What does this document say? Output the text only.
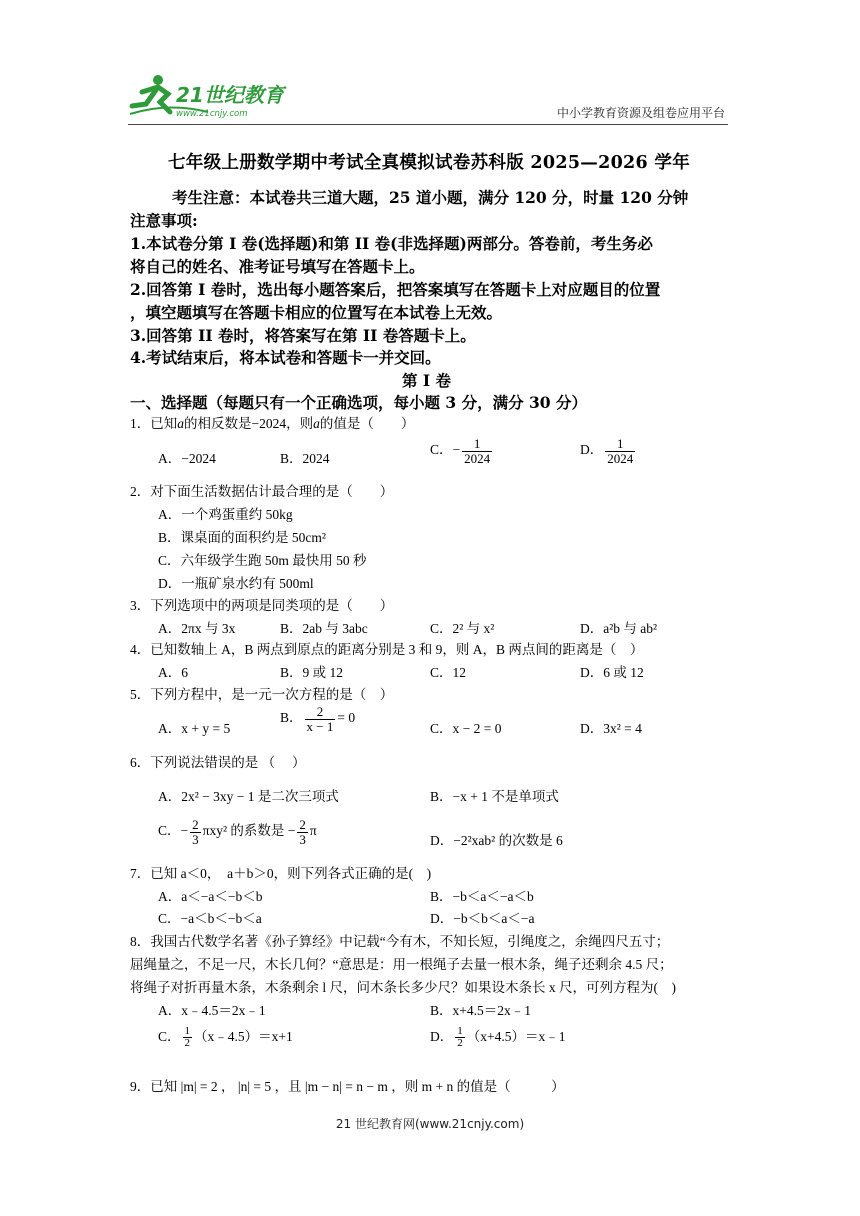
21世纪教育
www.21cnjy.com	中小学教育资源及组卷应用平台
七年级上册数学期中考试全真模拟试卷苏科版 2025—2026 学年
考生注意：本试卷共三道大题，25 道小题，满分 120 分，时量 120 分钟
注意事项:
1.本试卷分第 I 卷(选择题)和第 II 卷(非选择题)两部分。答卷前，考生务必
将自己的姓名、准考证号填写在答题卡上。
2.回答第 I 卷时，选出每小题答案后，把答案填写在答题卡上对应题目的位置
，填空题填写在答题卡相应的位置写在本试卷上无效。
3.回答第 II 卷时，将答案写在第 II 卷答题卡上。
4.考试结束后，将本试卷和答题卡一并交回。
第 I 卷
一、选择题（每题只有一个正确选项，每小题 3 分，满分 30 分）
1．已知a的相反数是−2024，则a的值是（　　）
A．−2024	B．2024
C．− $\frac{1}{2024}$	D． $\frac{1}{2024}$
2．对下面生活数据估计最合理的是（　　）
A．一个鸡蛋重约 50kg
B．课桌面的面积约是 50cm²
C．六年级学生跑 50m 最快用 50 秒
D．一瓶矿泉水约有 500ml
3．下列选项中的两项是同类项的是（　　）
A．2πx 与 3x	B．2ab 与 3abc	C．2² 与 x²	D．a²b 与 ab²
4．已知数轴上 A，B 两点到原点的距离分别是 3 和 9，则 A，B 两点间的距离是（　）
A．6	B．9 或 12	C．12	D．6 或 12
5．下列方程中，是一元一次方程的是（　）
A．x + y = 5
B． $\frac{2}{x - 1} = 0$
C．x − 2 = 0	D．3x² = 4
6．下列说法错误的是 （　 ）
A．2x² − 3xy − 1 是二次三项式	B．−x + 1 不是单项式
C．− $\frac{2}{3} \pi xy^2$ 的系数是 − $\frac{2}{3}$ π
D．−2²xab² 的次数是 6
7．已知 a＜0，　a＋b＞0，则下列各式正确的是(　)
A．a＜−a＜−b＜b	B．−b＜a＜−a＜b
C．−a＜b＜−b＜a	D．−b＜b＜a＜−a
8．我国古代数学名著《孙子算经》中记载“今有木，不知长短，引绳度之，余绳四尺五寸；
屈绳量之，不足一尺，木长几何？“意思是：用一根绳子去量一根木条，绳子还剩余 4.5 尺；
将绳子对折再量木条，木条剩余 l 尺，问木条长多少尺？如果设木条长 x 尺，可列方程为(　)
A．x﹣4.5＝2x﹣1	B．x+4.5＝2x﹣1
C． $\frac{1}{2}$ （x﹣4.5）＝x+1	D． $\frac{1}{2}$ （x+4.5）＝x﹣1
9．已知 |m| = 2 ， |n| = 5 ，且 |m − n| = n − m ，则 m + n 的值是（　　　）
21 世纪教育网(www.21cnjy.com)
